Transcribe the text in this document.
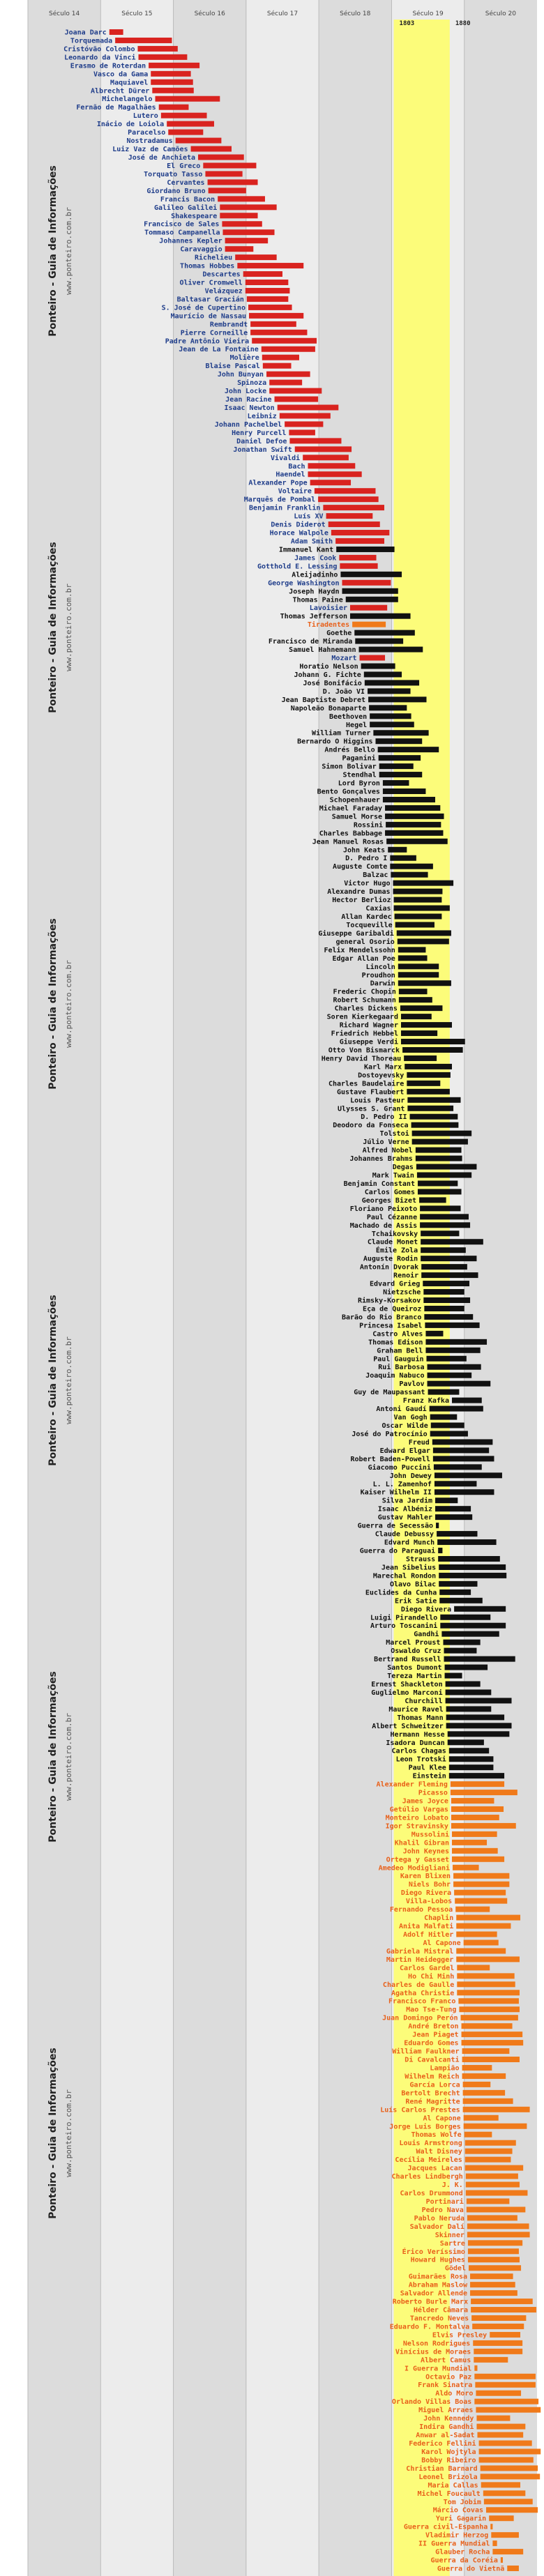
Século 14	Século 15	Século 16	Século 17	Século 18	Século 19	Século 20
1803	1880
Joana Darc
Torquemada
Cristóvão Colombo
Leonardo da Vinci
Erasmo de Roterdan
Vasco da Gama
Maquiavel
Albrecht Dürer
Michelangelo
Fernão de Magalhães
Lutero
Inácio de Loiola
Paracelso
Nostradamus
Luiz Vaz de Camões
José de Anchieta
El Greco
Torquato Tasso
Cervantes
Giordano Bruno
Francis Bacon
Galileo Galilei
Shakespeare
Francisco de Sales
Tommaso Campanella
Johannes Kepler
Caravaggio
Richelieu
Thomas Hobbes
Descartes
Oliver Cromwell
Velázquez
Baltasar Gracián
S. José de Cupertino
Maurício de Nassau
Rembrandt
Pierre Corneille
Padre Antônio Vieira
Jean de La Fontaine
Molière
Blaise Pascal
John Bunyan
Spinoza
John Locke
Jean Racine
Isaac Newton
Leibniz
Johann Pachelbel
Henry Purcell
Daniel Defoe
Jonathan Swift
Vivaldi
Bach
Haendel
Alexander Pope
Voltaire
Marquês de Pombal
Benjamin Franklin
Luís XV
Denis Diderot
Horace Walpole
Adam Smith
Immanuel Kant
James Cook
Gotthold E. Lessing
Aleijadinho
George Washington
Joseph Haydn
Thomas Paine
Lavoisier
Thomas Jefferson
Tiradentes
Goethe
Francisco de Miranda
Samuel Hahnemann
Mozart
Horatio Nelson
Johann G. Fichte
José Bonifácio
D. João VI
Jean Baptiste Debret
Napoleão Bonaparte
Beethoven
Hegel
William Turner
Bernardo O Higgins
Andrés Bello
Paganini
Simon Bolivar
Stendhal
Lord Byron
Bento Gonçalves
Schopenhauer
Michael Faraday
Samuel Morse
Rossini
Charles Babbage
Jean Manuel Rosas
John Keats
D. Pedro I
Auguste Comte
Balzac
Victor Hugo
Alexandre Dumas
Hector Berlioz
Caxias
Allan Kardec
Tocqueville
Giuseppe Garibaldi
general Osorio
Felix Mendelssohn
Edgar Allan Poe
Lincoln
Proudhon
Darwin
Frederic Chopin
Robert Schumann
Charles Dickens
Soren Kierkegaard
Richard Wagner
Friedrich Hebbel
Giuseppe Verdi
Otto Von Bismarck
Henry David Thoreau
Karl Marx
Dostoyevsky
Charles Baudelaire
Gustave Flaubert
Louis Pasteur
Ulysses S. Grant
D. Pedro II
Deodoro da Fonseca
Tolstoi
Júlio Verne
Alfred Nobel
Johannes Brahms
Degas
Mark Twain
Benjamin Constant
Carlos Gomes
Georges Bizet
Floriano Peixoto
Paul Cézanne
Machado de Assis
Tchaikovsky
Claude Monet
Émile Zola
Auguste Rodin
Antonín Dvorak
Renoir
Edvard Grieg
Nietzsche
Rimsky-Korsakov
Eça de Queiroz
Barão do Rio Branco
Princesa Isabel
Castro Alves
Thomas Edison
Graham Bell
Paul Gauguin
Rui Barbosa
Joaquim Nabuco
Pavlov
Guy de Maupassant
Franz Kafka
Antoni Gaudí
Van Gogh
Oscar Wilde
José do Patrocínio
Freud
Edward Elgar
Robert Baden-Powell
Giacomo Puccini
John Dewey
L. L. Zamenhof
Kaiser Wilhelm II
Silva Jardim
Isaac Albéniz
Gustav Mahler
Guerra de Secessão
Claude Debussy
Edvard Munch
Guerra do Paraguai
Strauss
Jean Sibelius
Marechal Rondon
Olavo Bilac
Euclides da Cunha
Erik Satie
Diego Rivera
Luigi Pirandello
Arturo Toscanini
Gandhi
Marcel Proust
Oswaldo Cruz
Bertrand Russell
Santos Dumont
Tereza Martin
Ernest Shackleton
Guglielmo Marconi
Churchill
Maurice Ravel
Thomas Mann
Albert Schweitzer
Hermann Hesse
Isadora Duncan
Carlos Chagas
Leon Trotski
Paul Klee
Einstein
Alexander Fleming
Picasso
James Joyce
Getúlio Vargas
Monteiro Lobato
Igor Stravinsky
Mussolini
Khalil Gibran
John Keynes
Ortega y Gasset
Amedeo Modigliani
Karen Blixen
Niels Bohr
Diego Rivera
Villa-Lobos
Fernando Pessoa
Chaplin
Anita Malfati
Adolf Hitler
Al Capone
Gabriela Mistral
Martin Heidegger
Carlos Gardel
Ho Chi Minh
Charles de Gaulle
Agatha Christie
Francisco Franco
Mao Tse-Tung
Juan Domingo Perón
André Breton
Jean Piaget
Eduardo Gomes
William Faulkner
Di Cavalcanti
Lampião
Wilhelm Reich
García Lorca
Bertolt Brecht
René Magritte
Luís Carlos Prestes
Al Capone
Jorge Luis Borges
Thomas Wolfe
Louis Armstrong
Walt Disney
Cecília Meireles
Jacques Lacan
Charles Lindbergh
J. K.
Carlos Drummond
Portinari
Pedro Nava
Pablo Neruda
Salvador Dalí
Skinner
Sartre
Érico Veríssimo
Howard Hughes
Gödel
Guimarães Rosa
Abraham Maslow
Salvador Allende
Roberto Burle Marx
Hélder Câmara
Tancredo Neves
Eduardo F. Montalva
Elvis Presley
Nelson Rodrigues
Vinícius de Moraes
Albert Camus
I Guerra Mundial
Octavio Paz
Frank Sinatra
Aldo Moro
Orlando Villas Boas
Miguel Arraes
John Kennedy
Indira Gandhi
Anwar al-Sadat
Federico Fellini
Karol Wojtyla
Bobby Ribeiro
Christian Barnard
Leonel Brizola
Maria Callas
Michel Foucault
Tom Jobim
Márcio Covas
Yuri Gagarin
Guerra civil-Espanha
Vladimir Herzog
II Guerra Mundial
Glauber Rocha
Guerra da Coréia
Guerra do Vietnã
Ponteiro - Guia de Informações www.ponteiro.com.br
Ponteiro - Guia de Informações www.ponteiro.com.br
Ponteiro - Guia de Informações www.ponteiro.com.br
Ponteiro - Guia de Informações www.ponteiro.com.br
Ponteiro - Guia de Informações www.ponteiro.com.br
Ponteiro - Guia de Informações www.ponteiro.com.br
